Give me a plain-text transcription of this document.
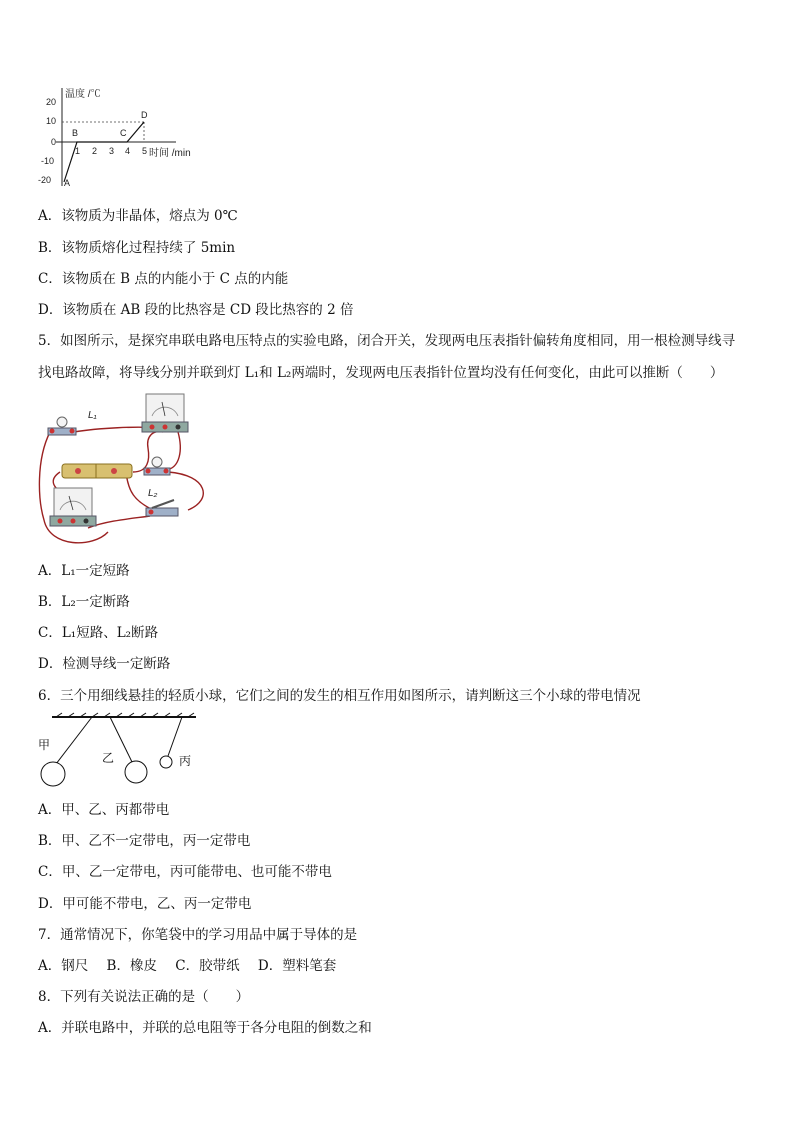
温度 /℃
时间 /min
20
10
0
-10
-20
1 2 3 4 5
A
B	C
D
A．该物质为非晶体，熔点为 0℃
B．该物质熔化过程持续了 5min
C．该物质在 B 点的内能小于 C 点的内能
D．该物质在 AB 段的比热容是 CD 段比热容的 2 倍
5．如图所示，是探究串联电路电压特点的实验电路，闭合开关，发现两电压表指针偏转角度相同，用一根检测导线寻
找电路故障，将导线分别并联到灯 L₁和 L₂两端时，发现两电压表指针位置均没有任何变化，由此可以推断（　　）
L₁
L₂
A．L₁一定短路
B．L₂一定断路
C．L₁短路、L₂断路
D．检测导线一定断路
6．三个用细线悬挂的轻质小球，它们之间的发生的相互作用如图所示，请判断这三个小球的带电情况
甲
乙	丙
A．甲、乙、丙都带电
B．甲、乙不一定带电，丙一定带电
C．甲、乙一定带电，丙可能带电、也可能不带电
D．甲可能不带电，乙、丙一定带电
7．通常情况下，你笔袋中的学习用品中属于导体的是
A．钢尺 B．橡皮 C．胶带纸 D．塑料笔套
8．下列有关说法正确的是（　　）
A．并联电路中，并联的总电阻等于各分电阻的倒数之和
